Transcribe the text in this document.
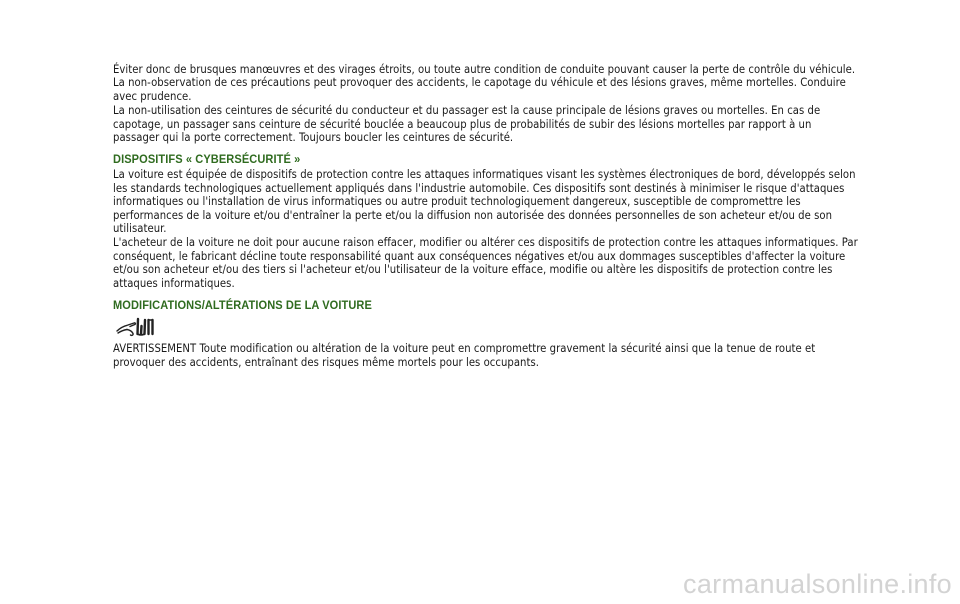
Éviter donc de brusques manœuvres et des virages étroits, ou toute autre condition de conduite pouvant causer la perte de contrôle du véhicule. La non-observation de ces précautions peut provoquer des accidents, le capotage du véhicule et des lésions graves, même mortelles. Conduire avec prudence.

La non-utilisation des ceintures de sécurité du conducteur et du passager est la cause principale de lésions graves ou mortelles. En cas de capotage, un passager sans ceinture de sécurité bouclée a beaucoup plus de probabilités de subir des lésions mortelles par rapport à un passager qui la porte correctement. Toujours boucler les ceintures de sécurité.

DISPOSITIFS « CYBERSÉCURITÉ »

La voiture est équipée de dispositifs de protection contre les attaques informatiques visant les systèmes électroniques de bord, développés selon les standards technologiques actuellement appliqués dans l'industrie automobile. Ces dispositifs sont destinés à minimiser le risque d'attaques informatiques ou l'installation de virus informatiques ou autre produit technologiquement dangereux, susceptible de compromettre les performances de la voiture et/ou d'entraîner la perte et/ou la diffusion non autorisée des données personnelles de son acheteur et/ou de son utilisateur.

L'acheteur de la voiture ne doit pour aucune raison effacer, modifier ou altérer ces dispositifs de protection contre les attaques informatiques. Par conséquent, le fabricant décline toute responsabilité quant aux conséquences négatives et/ou aux dommages susceptibles d'affecter la voiture et/ou son acheteur et/ou des tiers si l'acheteur et/ou l'utilisateur de la voiture efface, modifie ou altère les dispositifs de protection contre les attaques informatiques.

MODIFICATIONS/ALTÉRATIONS DE LA VOITURE

AVERTISSEMENT Toute modification ou altération de la voiture peut en compromettre gravement la sécurité ainsi que la tenue de route et provoquer des accidents, entraînant des risques même mortels pour les occupants.

carmanualsonline.info
